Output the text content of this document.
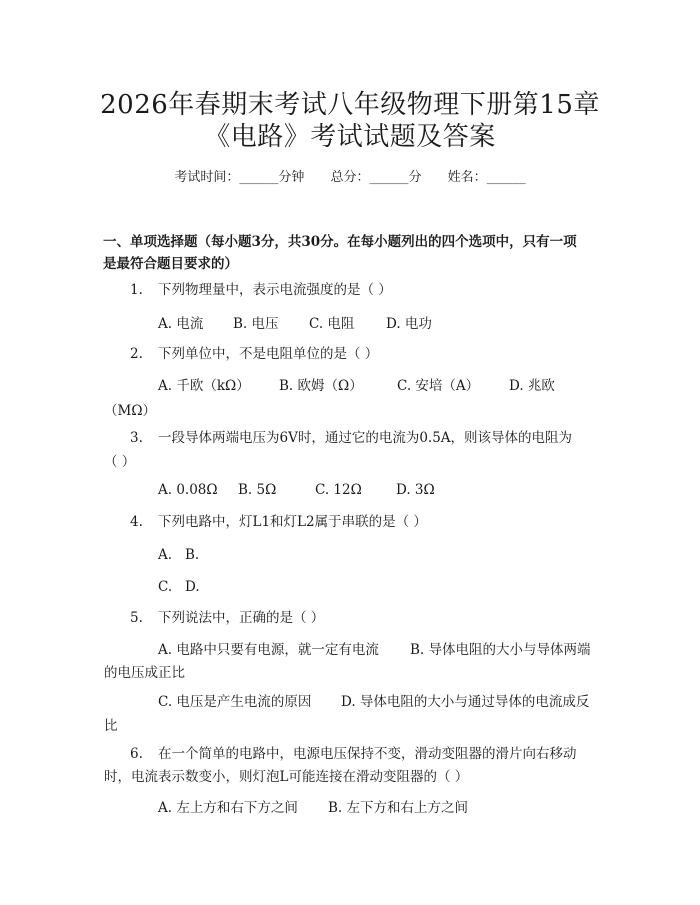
2026年春期末考试八年级物理下册第15章
《电路》考试试题及答案
考试时间：______分钟 总分：______分 姓名：______
一、单项选择题（每小题3分，共30分。在每小题列出的四个选项中，只有一项
是最符合题目要求的）
1. 下列物理量中，表示电流强度的是（ ）
A. 电流 B. 电压 C. 电阻 D. 电功
2. 下列单位中，不是电阻单位的是（ ）
A. 千欧（kΩ） B. 欧姆（Ω）	C. 安培（A） D. 兆欧
（MΩ）
3. 一段导体两端电压为6V时，通过它的电流为0.5A，则该导体的电阻为
（ ）
A. 0.08Ω B. 5Ω	C. 12Ω	D. 3Ω
4. 下列电路中，灯L1和灯L2属于串联的是（ ）
A. B.
C. D.
5. 下列说法中，正确的是（ ）
A. 电路中只要有电源，就一定有电流 B. 导体电阻的大小与导体两端
的电压成正比
C. 电压是产生电流的原因 D. 导体电阻的大小与通过导体的电流成反
比
6. 在一个简单的电路中，电源电压保持不变，滑动变阻器的滑片向右移动
时，电流表示数变小，则灯泡L可能连接在滑动变阻器的（ ）
A. 左上方和右下方之间 B. 左下方和右上方之间
